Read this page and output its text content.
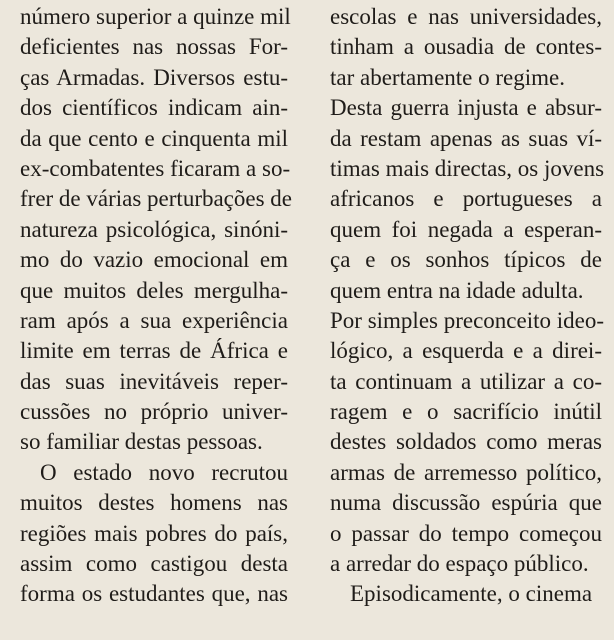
número superior a quinze mil
deficientes nas nossas For-
ças Armadas. Diversos estu-
dos científicos indicam ain-
da que cento e cinquenta mil
ex-combatentes ficaram a so-
frer de várias perturbações de
natureza psicológica, sinóni-
mo do vazio emocional em
que muitos deles mergulha-
ram após a sua experiência
limite em terras de África e
das suas inevitáveis reper-
cussões no próprio univer-
so familiar destas pessoas.
O estado novo recrutou
muitos destes homens nas
regiões mais pobres do país,
assim como castigou desta
forma os estudantes que, nas
escolas e nas universidades,
tinham a ousadia de contes-
tar abertamente o regime.
Desta guerra injusta e absur-
da restam apenas as suas ví-
timas mais directas, os jovens
africanos e portugueses a
quem foi negada a esperan-
ça e os sonhos típicos de
quem entra na idade adulta.
Por simples preconceito ideo-
lógico, a esquerda e a direi-
ta continuam a utilizar a co-
ragem e o sacrifício inútil
destes soldados como meras
armas de arremesso político,
numa discussão espúria que
o passar do tempo começou
a arredar do espaço público.
Episodicamente, o cinema
